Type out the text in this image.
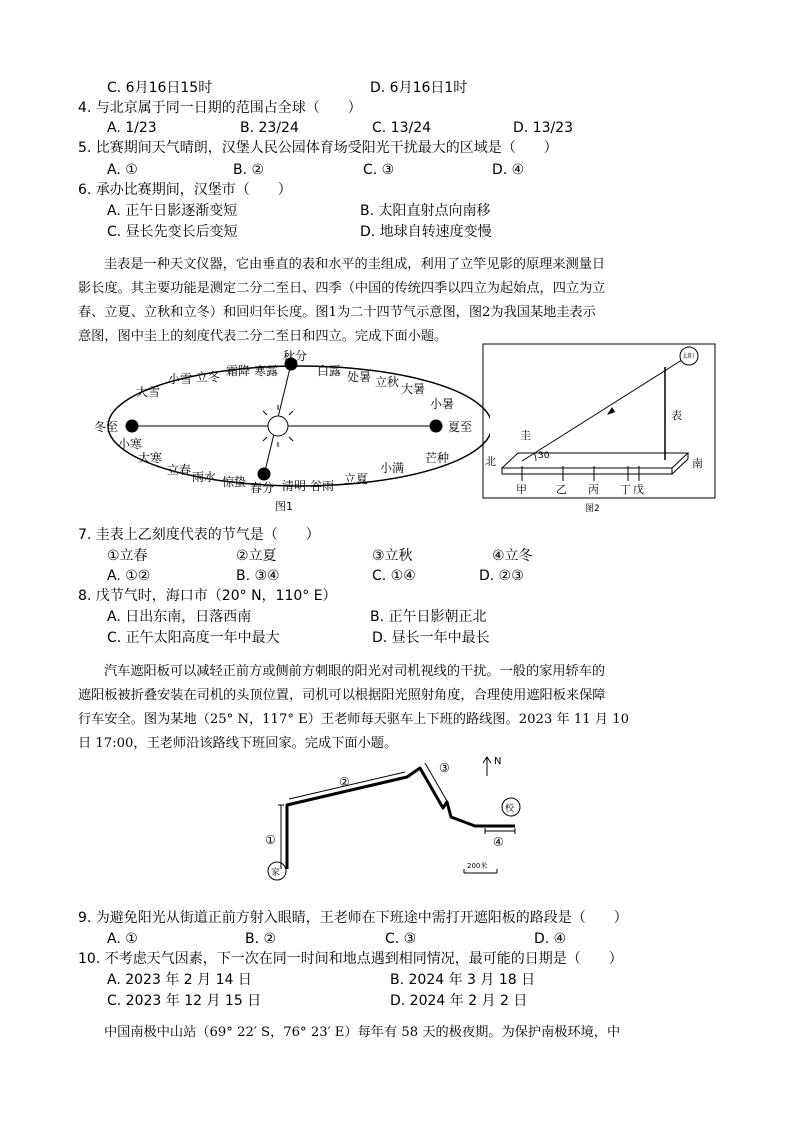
C. 6月16日15时	D. 6月16日1时
4. 与北京属于同一日期的范围占全球（　　）
A. 1/23	B. 23/24	C. 13/24	D. 13/23
5. 比赛期间天气晴朗，汉堡人民公园体育场受阳光干扰最大的区域是（　　）
A. ①	B. ②	C. ③	D. ④
6. 承办比赛期间，汉堡市（　　）
A. 正午日影逐渐变短	B. 太阳直射点向南移
C. 昼长先变长后变短	D. 地球自转速度变慢
圭表是一种天文仪器，它由垂直的表和水平的圭组成，利用了立竿见影的原理来测量日
影长度。其主要功能是测定二分二至日、四季（中国的传统四季以四立为起始点，四立为立
春、立夏、立秋和立冬）和回归年长度。图1为二十四节气示意图，图2为我国某地圭表示
意图，图中圭上的刻度代表二分二至日和四立。完成下面小题。
秋分
白露 处暑 立秋 大暑
小暑
夏至
芒种
小满
立夏
谷雨
清明
春分
惊蛰
雨水
立春
大寒
小寒
冬至
大雪
小雪 立冬 霜降 寒露
图1
太阳
表
圭
30
北	南
甲	乙 丙 丁 戊
图2
7. 圭表上乙刻度代表的节气是（　　）
①立春	②立夏	③立秋	④立冬
A. ①②	B. ③④	C. ①④	D. ②③
8. 戊节气时，海口市（20° N，110° E）
A. 日出东南，日落西南	B. 正午日影朝正北
C. 正午太阳高度一年中最大	D. 昼长一年中最长
汽车遮阳板可以减轻正前方或侧前方刺眼的阳光对司机视线的干扰。一般的家用轿车的
遮阳板被折叠安装在司机的头顶位置，司机可以根据阳光照射角度，合理使用遮阳板来保障
行车安全。图为某地（25° N，117° E）王老师每天驱车上下班的路线图。2023 年 11 月 10
日 17:00，王老师沿该路线下班回家。完成下面小题。
家
校
①
②
③
④
N
200米
9. 为避免阳光从街道正前方射入眼睛，王老师在下班途中需打开遮阳板的路段是（　　）
A. ①	B. ②	C. ③	D. ④
10. 不考虑天气因素，下一次在同一时间和地点遇到相同情况，最可能的日期是（　　）
A. 2023 年 2 月 14 日	B. 2024 年 3 月 18 日
C. 2023 年 12 月 15 日	D. 2024 年 2 月 2 日
中国南极中山站（69° 22′ S，76° 23′ E）每年有 58 天的极夜期。为保护南极环境，中
